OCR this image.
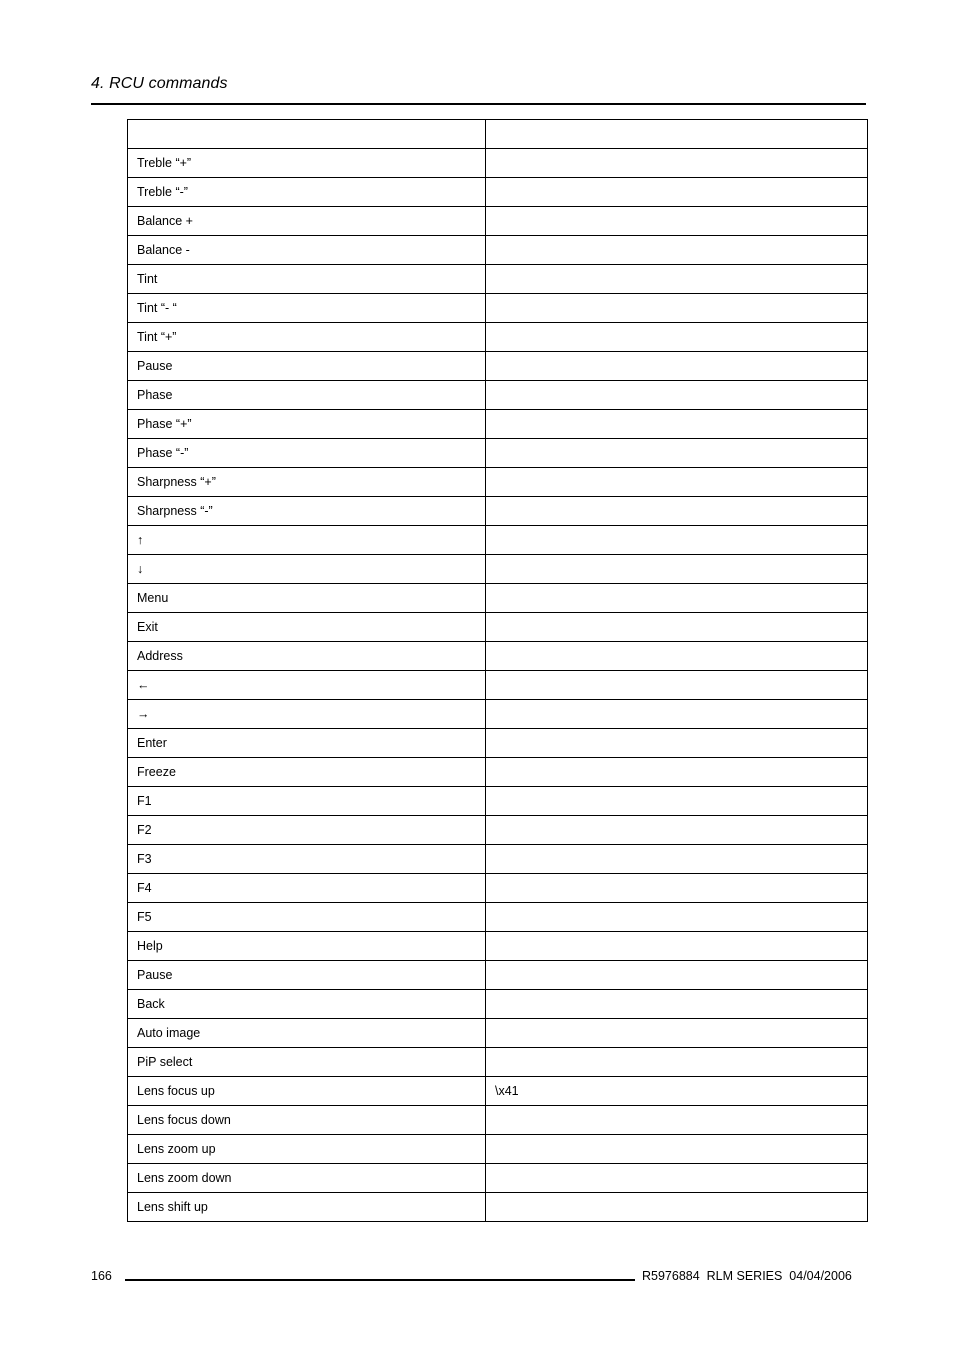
4. RCU commands

Treble “+”	
Treble “-”	
Balance +	
Balance -	
Tint	
Tint “- “	
Tint “+”	
Pause	
Phase	
Phase “+”	
Phase “-”	
Sharpness “+”	
Sharpness “-”	
↑	
↓	
Menu	
Exit	
Address	
←	
→	
Enter	
Freeze	
F1	
F2	
F3	
F4	
F5	
Help	
Pause	
Back	
Auto image	
PiP select	
Lens focus up	\x41
Lens focus down	
Lens zoom up	
Lens zoom down	
Lens shift up	
166	R5976884  RLM SERIES  04/04/2006
